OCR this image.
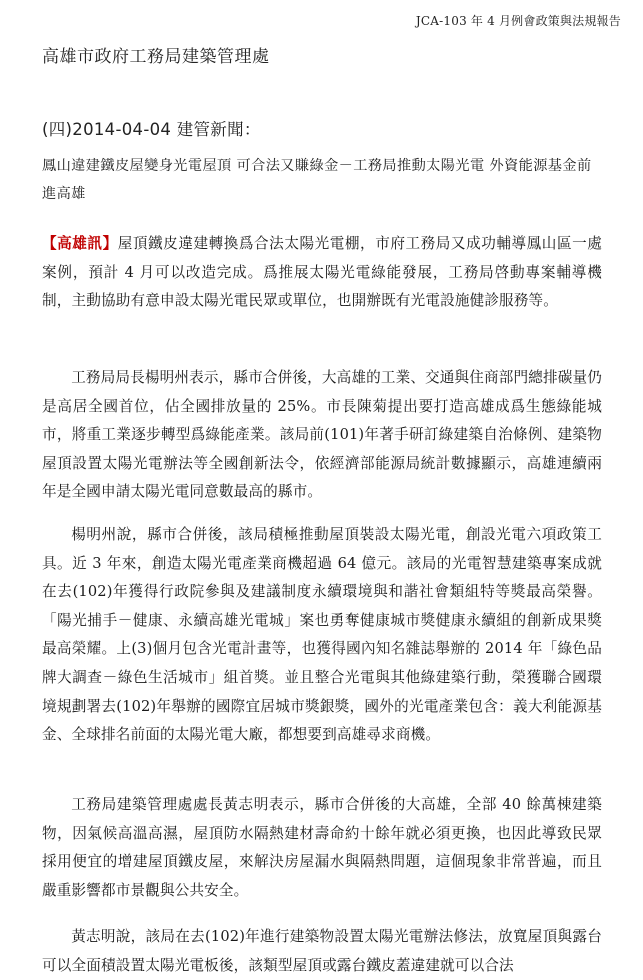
JCA-103 年 4 月例會政策與法規報告
高雄市政府工務局建築管理處
(四)2014-04-04 建管新聞：
鳳山違建鐵皮屋變身光電屋頂 可合法又賺綠金－工務局推動太陽光電 外資能源基金前進高雄

【高雄訊】屋頂鐵皮違建轉換爲合法太陽光電棚，市府工務局又成功輔導鳳山區一處案例，預計 4 月可以改造完成。爲推展太陽光電綠能發展，工務局啓動專案輔導機制，主動協助有意申設太陽光電民眾或單位，也開辦既有光電設施健診服務等。

工務局局長楊明州表示，縣市合併後，大高雄的工業、交通與住商部門總排碳量仍是高居全國首位，佔全國排放量的 25%。市長陳菊提出要打造高雄成爲生態綠能城市，將重工業逐步轉型爲綠能產業。該局前(101)年著手研訂綠建築自治條例、建築物屋頂設置太陽光電辦法等全國創新法令，依經濟部能源局統計數據顯示，高雄連續兩年是全國申請太陽光電同意數最高的縣市。

楊明州說，縣市合併後，該局積極推動屋頂裝設太陽光電，創設光電六項政策工具。近 3 年來，創造太陽光電產業商機超過 64 億元。該局的光電智慧建築專案成就在去(102)年獲得行政院參與及建議制度永續環境與和諧社會類組特等獎最高榮譽。「陽光捕手－健康、永續高雄光電城」案也勇奪健康城市獎健康永續組的創新成果獎最高榮耀。上(3)個月包含光電計畫等，也獲得國內知名雜誌舉辦的 2014 年「綠色品牌大調查－綠色生活城市」組首獎。並且整合光電與其他綠建築行動，榮獲聯合國環境規劃署去(102)年舉辦的國際宜居城市獎銀獎，國外的光電產業包含：義大利能源基金、全球排名前面的太陽光電大廠，都想要到高雄尋求商機。

工務局建築管理處處長黃志明表示，縣市合併後的大高雄，全部 40 餘萬棟建築物，因氣候高溫高濕，屋頂防水隔熱建材壽命約十餘年就必須更換，也因此導致民眾採用便宜的增建屋頂鐵皮屋，來解決房屋漏水與隔熱問題，這個現象非常普遍，而且嚴重影響都市景觀與公共安全。

黃志明說，該局在去(102)年進行建築物設置太陽光電辦法修法，放寬屋頂與露台可以全面積設置太陽光電板後，該類型屋頂或露台鐵皮蓋違建就可以合法
